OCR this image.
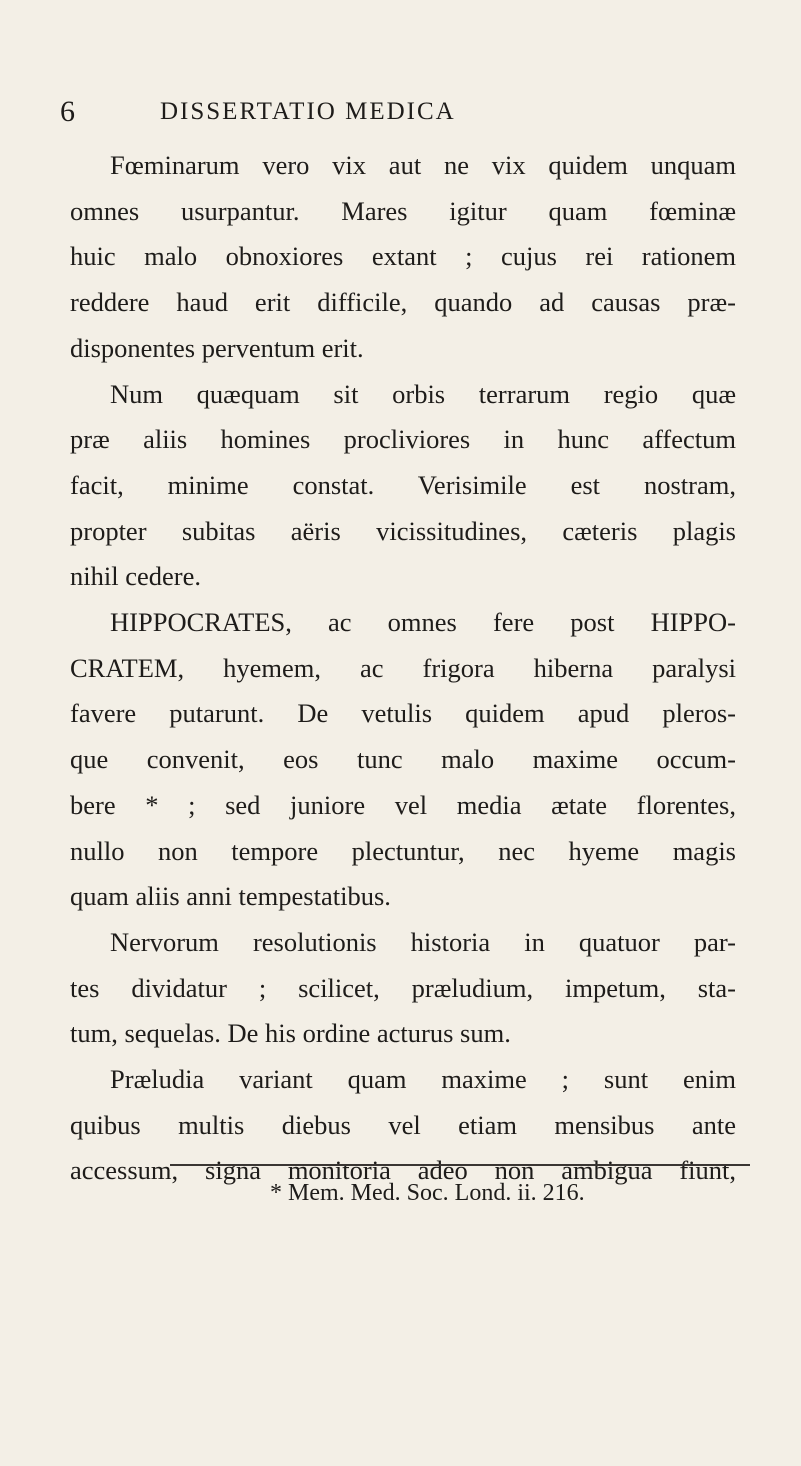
6	DISSERTATIO MEDICA
Fœminarum vero vix aut ne vix quidem unquam
omnes usurpantur. Mares igitur quam fœminæ
huic malo obnoxiores extant ; cujus rei rationem
reddere haud erit difficile, quando ad causas præ-
disponentes perventum erit.
Num quæquam sit orbis terrarum regio quæ
præ aliis homines procliviores in hunc affectum
facit, minime constat. Verisimile est nostram,
propter subitas aëris vicissitudines, cæteris plagis
nihil cedere.
HIPPOCRATES, ac omnes fere post HIPPO-
CRATEM, hyemem, ac frigora hiberna paralysi
favere putarunt. De vetulis quidem apud pleros-
que convenit, eos tunc malo maxime occum-
bere * ; sed juniore vel media ætate florentes,
nullo non tempore plectuntur, nec hyeme magis
quam aliis anni tempestatibus.
Nervorum resolutionis historia in quatuor par-
tes dividatur ; scilicet, præludium, impetum, sta-
tum, sequelas. De his ordine acturus sum.
Præludia variant quam maxime ; sunt enim
quibus multis diebus vel etiam mensibus ante
accessum, signa monitoria adeo non ambigua fiunt,
* Mem. Med. Soc. Lond. ii. 216.
